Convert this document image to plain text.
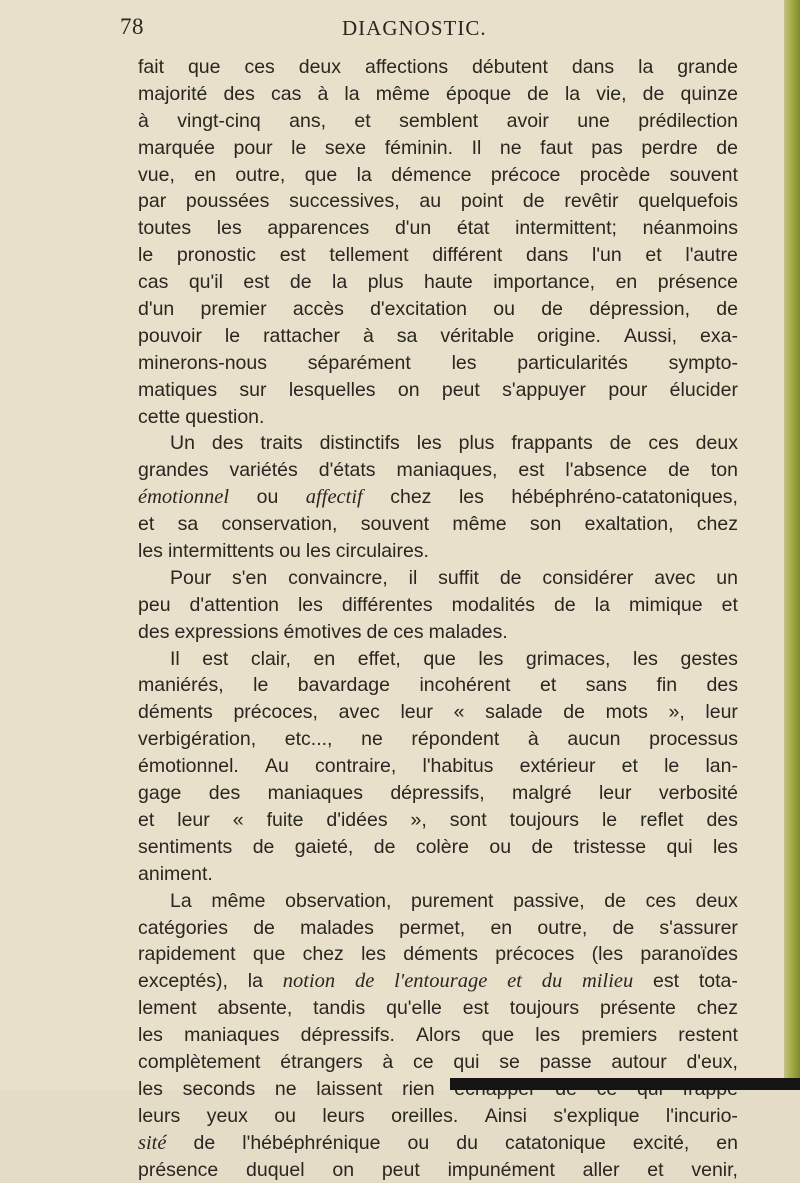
78	DIAGNOSTIC.
fait que ces deux affections débutent dans la grande
majorité des cas à la même époque de la vie, de quinze
à vingt-cinq ans, et semblent avoir une prédilection
marquée pour le sexe féminin. Il ne faut pas perdre de
vue, en outre, que la démence précoce procède souvent
par poussées successives, au point de revêtir quelquefois
toutes les apparences d'un état intermittent; néanmoins
le pronostic est tellement différent dans l'un et l'autre
cas qu'il est de la plus haute importance, en présence
d'un premier accès d'excitation ou de dépression, de
pouvoir le rattacher à sa véritable origine. Aussi, exa-
minerons-nous séparément les particularités sympto-
matiques sur lesquelles on peut s'appuyer pour élucider
cette question.
Un des traits distinctifs les plus frappants de ces deux
grandes variétés d'états maniaques, est l'absence de ton
émotionnel ou affectif chez les hébéphréno-catatoniques,
et sa conservation, souvent même son exaltation, chez
les intermittents ou les circulaires.
Pour s'en convaincre, il suffit de considérer avec un
peu d'attention les différentes modalités de la mimique et
des expressions émotives de ces malades.
Il est clair, en effet, que les grimaces, les gestes
maniérés, le bavardage incohérent et sans fin des
déments précoces, avec leur « salade de mots », leur
verbigération, etc..., ne répondent à aucun processus
émotionnel. Au contraire, l'habitus extérieur et le lan-
gage des maniaques dépressifs, malgré leur verbosité
et leur « fuite d'idées », sont toujours le reflet des
sentiments de gaieté, de colère ou de tristesse qui les
animent.
La même observation, purement passive, de ces deux
catégories de malades permet, en outre, de s'assurer
rapidement que chez les déments précoces (les paranoïdes
exceptés), la notion de l'entourage et du milieu est tota-
lement absente, tandis qu'elle est toujours présente chez
les maniaques dépressifs. Alors que les premiers restent
complètement étrangers à ce qui se passe autour d'eux,
les seconds ne laissent rien
leurs yeux ou leurs oreilles. Ainsi s'explique l'incurio-
sité de l'hébéphrénique ou du catatonique excité, en
présence duquel on peut impunément aller et venir,
